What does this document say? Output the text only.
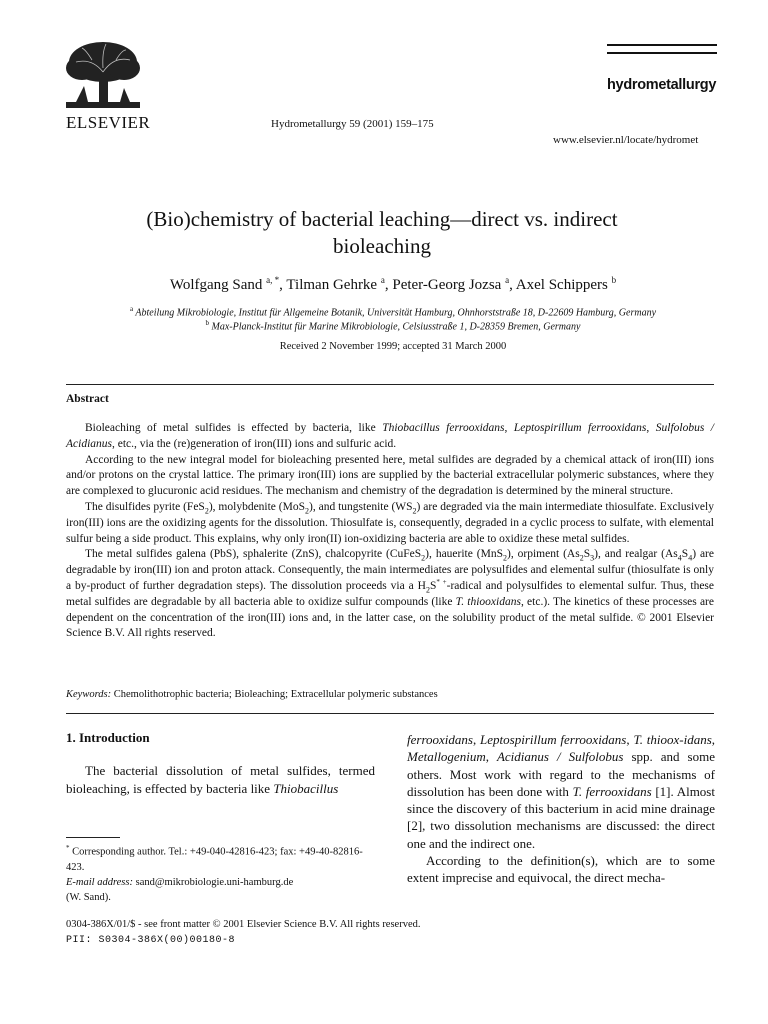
ELSEVIER	Hydrometallurgy 59 (2001) 159–175
hydrometallurgy
www.elsevier.nl/locate/hydromet
(Bio)chemistry of bacterial leaching—direct vs. indirect
bioleaching
Wolfgang Sand $^{a, *}$, Tilman Gehrke $^a$, Peter-Georg Jozsa $^a$, Axel Schippers $^b$
$^a$ Abteilung Mikrobiologie, Institut für Allgemeine Botanik, Universität Hamburg, Ohnhorststraße 18, D-22609 Hamburg, Germany
$^b$ Max-Planck-Institut für Marine Mikrobiologie, Celsiusstraße 1, D-28359 Bremen, Germany
Received 2 November 1999; accepted 31 March 2000
Abstract

Bioleaching of metal sulfides is effected by bacteria, like Thiobacillus ferrooxidans, Leptospirillum ferrooxidans, Sulfolobus / Acidianus, etc., via the (re)generation of iron(III) ions and sulfuric acid.

According to the new integral model for bioleaching presented here, metal sulfides are degraded by a chemical attack of iron(III) ions and/or protons on the crystal lattice. The primary iron(III) ions are supplied by the bacterial extracellular polymeric substances, where they are complexed to glucuronic acid residues. The mechanism and chemistry of the degradation is determined by the mineral structure.

The disulfides pyrite (FeS$_2$), molybdenite (MoS$_2$), and tungstenite $(WS_2)$ are degraded via the main intermediate thiosulfate. Exclusively iron(III) ions are the oxidizing agents for the dissolution. Thiosulfate is, consequently, degraded in a cyclic process to sulfate, with elemental sulfur being a side product. This explains, why only iron(II) ion-oxidizing bacteria are able to oxidize these metal sulfides.

The metal sulfides galena (PbS), sphalerite (ZnS), chalcopyrite (CuFeS$_2$), hauerite (MnS$_2$), orpiment $(As_2S_3)$, and realgar $(As_4S_4)$ are degradable by iron(III) ion and proton attack. Consequently, the main intermediates are polysulfides and elemental sulfur (thiosulfate is only a by-product of further degradation steps). The dissolution proceeds via a $H_2S^{* +}$-radical and polysulfides to elemental sulfur. Thus, these metal sulfides are degradable by all bacteria able to oxidize sulfur compounds (like T. thiooxidans, etc.). The kinetics of these processes are dependent on the concentration of the iron(III) ions and, in the latter case, on the solubility product of the metal sulfide. © 2001 Elsevier Science B.V. All rights reserved.

Keywords: Chemolithotrophic bacteria; Bioleaching; Extracellular polymeric substances
1. Introduction
The bacterial dissolution of metal sulfides, termed bioleaching, is effected by bacteria like Thiobacillus

ferrooxidans, Leptospirillum ferrooxidans, T. thioox-idans, Metallogenium, Acidianus / Sulfolobus spp. and some others. Most work with regard to the mechanisms of dissolution has been done with T. ferrooxidans [1]. Almost since the discovery of this bacterium in acid mine drainage [2], two dissolution mechanisms are discussed: the direct one and the indirect one.

According to the definition(s), which are to some extent imprecise and equivocal, the direct mecha-

* Corresponding author. Tel.: +49-040-42816-423; fax: +49-40-82816-423.
E-mail address: sand@mikrobiologie.uni-hamburg.de
(W. Sand).
0304-386X/01/$ - see front matter © 2001 Elsevier Science B.V. All rights reserved.
PII: S0304-386X(00)00180-8
